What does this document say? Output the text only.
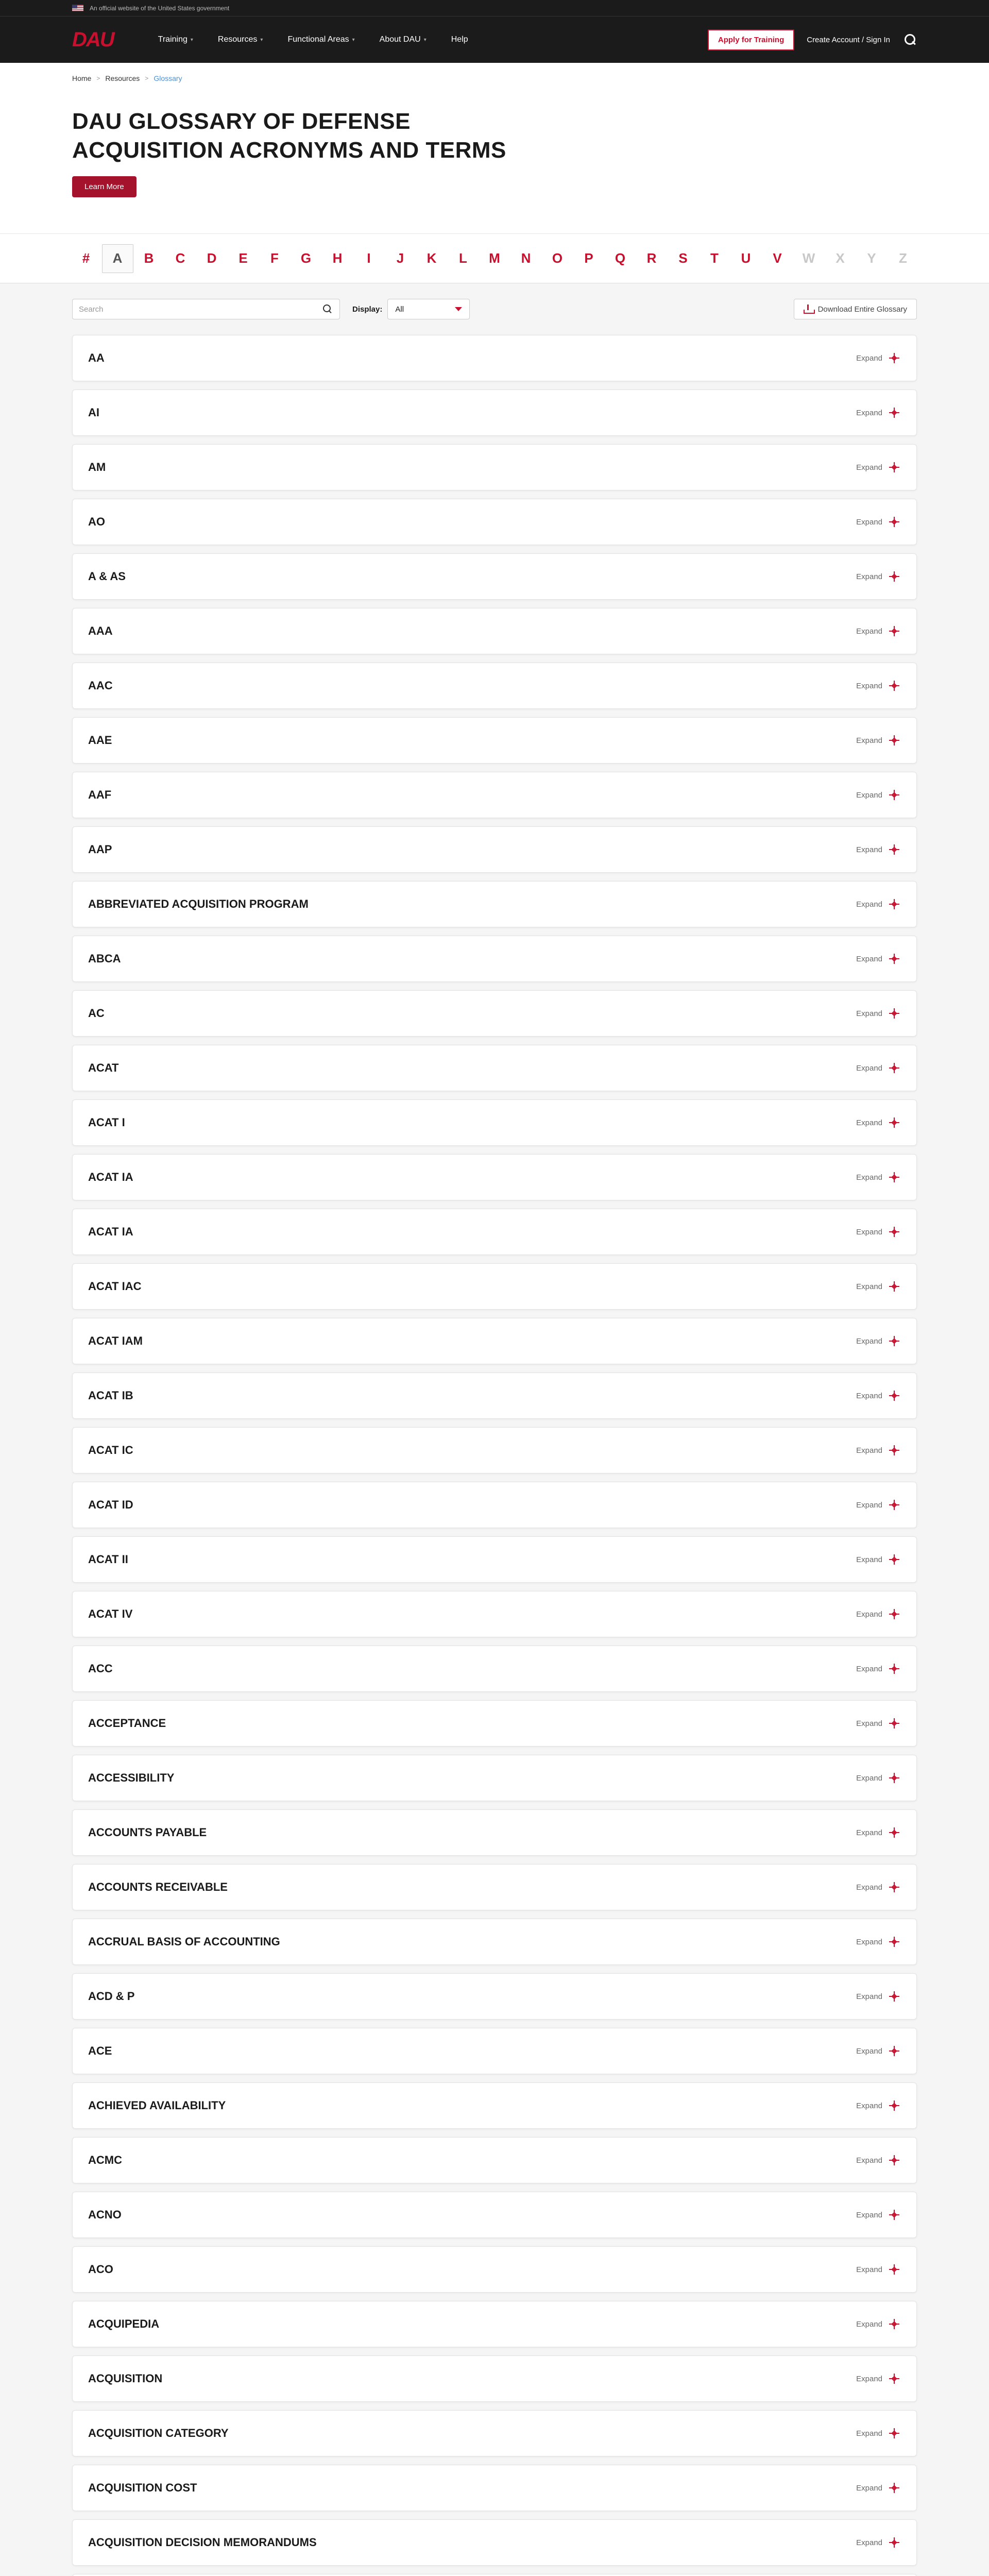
An official website of the United States government
DAU	Training ▾	Resources ▾	Functional Areas ▾	About DAU ▾	Help	Apply for Training	Create Account / Sign In
Home > Resources > Glossary
DAU GLOSSARY OF DEFENSE ACQUISITION ACRONYMS AND TERMS
Learn More
#	A	B	C	D	E	F	G	H	I	J	K	L	M	N	O	P	Q	R	S	T	U	V	W	X	Y	Z
Search
Display: All	Download Entire Glossary
AA	Expand
AI	Expand
AM	Expand
AO	Expand
A & AS	Expand
AAA	Expand
AAC	Expand
AAE	Expand
AAF	Expand
AAP	Expand
ABBREVIATED ACQUISITION PROGRAM	Expand
ABCA	Expand
AC	Expand
ACAT	Expand
ACAT I	Expand
ACAT IA	Expand
ACAT IA	Expand
ACAT IAC	Expand
ACAT IAM	Expand
ACAT IB	Expand
ACAT IC	Expand
ACAT ID	Expand
ACAT II	Expand
ACAT IV	Expand
ACC	Expand
ACCEPTANCE	Expand
ACCESSIBILITY	Expand
ACCOUNTS PAYABLE	Expand
ACCOUNTS RECEIVABLE	Expand
ACCRUAL BASIS OF ACCOUNTING	Expand
ACD & P	Expand
ACE	Expand
ACHIEVED AVAILABILITY	Expand
ACMC	Expand
ACNO	Expand
ACO	Expand
ACQUIPEDIA	Expand
ACQUISITION	Expand
ACQUISITION CATEGORY	Expand
ACQUISITION COST	Expand
ACQUISITION DECISION MEMORANDUMS	Expand
